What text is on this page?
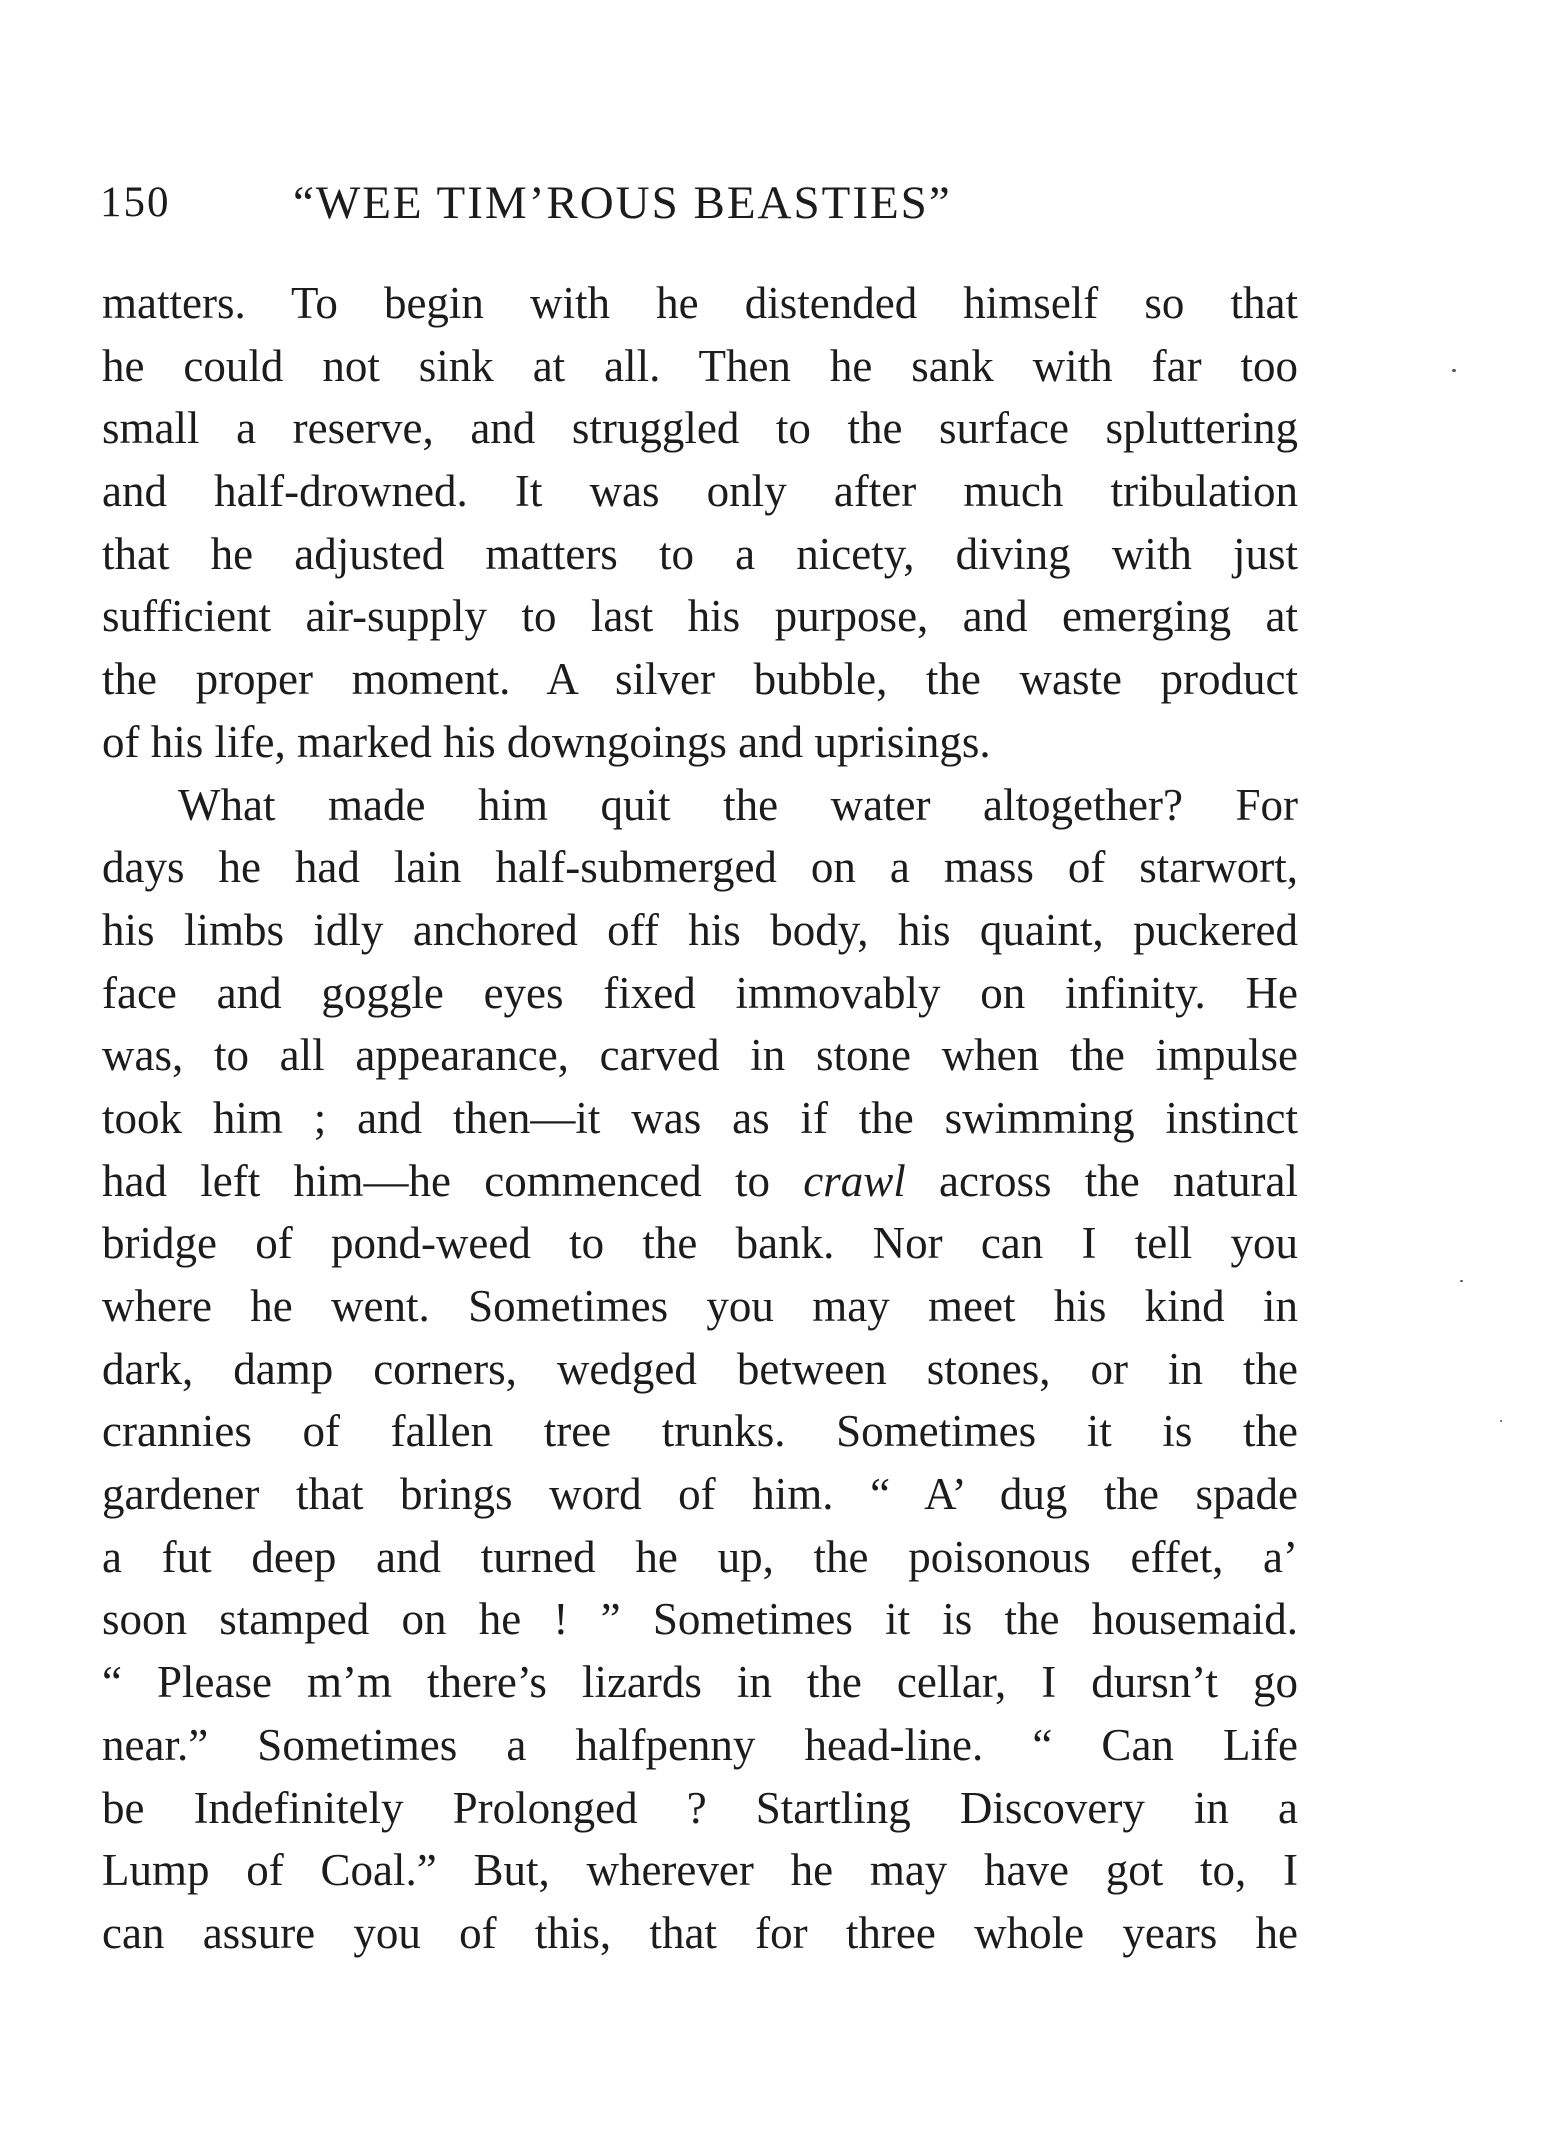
150	“WEE TIM’ROUS BEASTIES”
matters. To begin with he distended himself so that
he could not sink at all. Then he sank with far too
small a reserve, and struggled to the surface spluttering
and half-drowned. It was only after much tribulation
that he adjusted matters to a nicety, diving with just
sufficient air-supply to last his purpose, and emerging at
the proper moment. A silver bubble, the waste product
of his life, marked his downgoings and uprisings.
What made him quit the water altogether? For
days he had lain half-submerged on a mass of starwort,
his limbs idly anchored off his body, his quaint, puckered
face and goggle eyes fixed immovably on infinity. He
was, to all appearance, carved in stone when the impulse
took him ; and then—it was as if the swimming instinct
had left him—he commenced to crawl across the natural
bridge of pond-weed to the bank. Nor can I tell you
where he went. Sometimes you may meet his kind in
dark, damp corners, wedged between stones, or in the
crannies of fallen tree trunks. Sometimes it is the
gardener that brings word of him. “ A’ dug the spade
a fut deep and turned he up, the poisonous effet, a’
soon stamped on he ! ” Sometimes it is the housemaid.
“ Please m’m there’s lizards in the cellar, I dursn’t go
near.” Sometimes a halfpenny head-line. “ Can Life
be Indefinitely Prolonged ? Startling Discovery in a
Lump of Coal.” But, wherever he may have got to, I
can assure you of this, that for three whole years he
